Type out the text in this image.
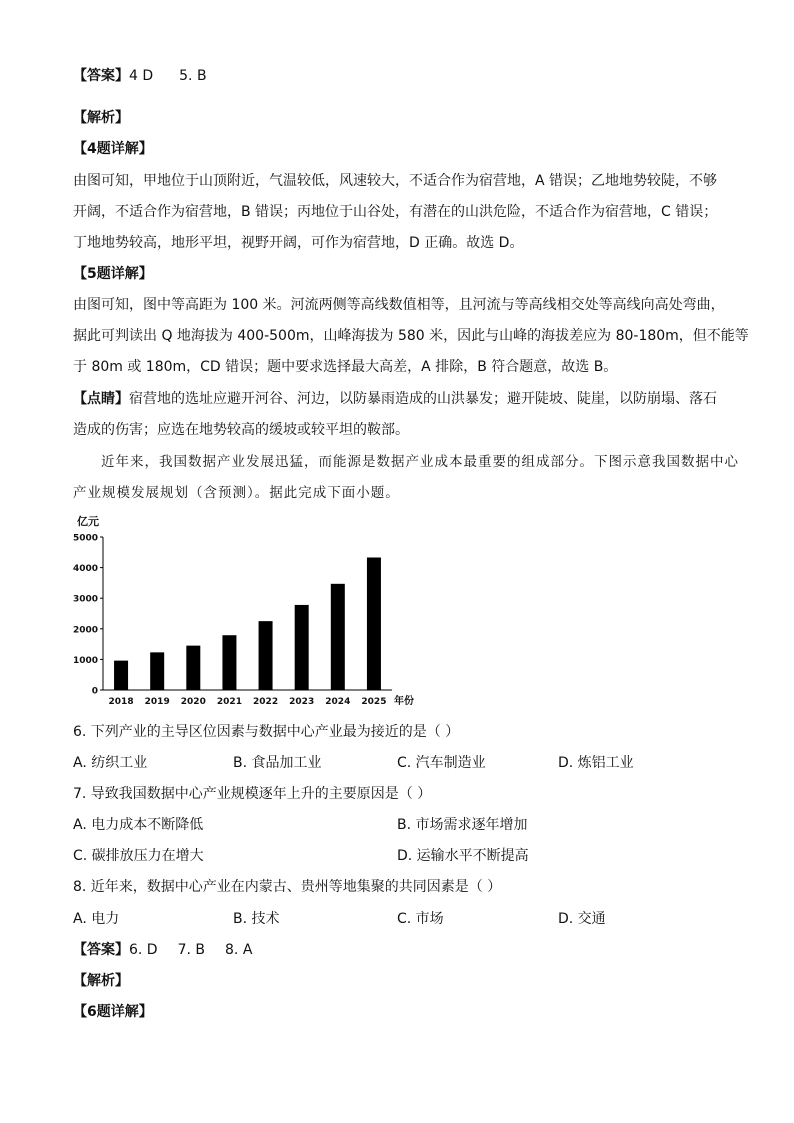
【答案】4 D 5. B
【解析】
【4题详解】
由图可知，甲地位于山顶附近，气温较低，风速较大，不适合作为宿营地，A 错误；乙地地势较陡，不够
开阔，不适合作为宿营地，B 错误；丙地位于山谷处，有潜在的山洪危险，不适合作为宿营地，C 错误；
丁地地势较高，地形平坦，视野开阔，可作为宿营地，D 正确。故选 D。
【5题详解】
由图可知，图中等高距为 100 米。河流两侧等高线数值相等，且河流与等高线相交处等高线向高处弯曲，
据此可判读出 Q 地海拔为 400-500m，山峰海拔为 580 米，因此与山峰的海拔差应为 80-180m，但不能等
于 80m 或 180m，CD 错误；题中要求选择最大高差，A 排除，B 符合题意，故选 B。
【点睛】宿营地的选址应避开河谷、河边，以防暴雨造成的山洪暴发；避开陡坡、陡崖，以防崩塌、落石
造成的伤害；应选在地势较高的缓坡或较平坦的鞍部。
近年来，我国数据产业发展迅猛，而能源是数据产业成本最重要的组成部分。下图示意我国数据中心
产业规模发展规划（含预测）。据此完成下面小题。
亿元
0
1000
2000
3000
4000
5000
2018 2019 2020 2021 2022 2023 2024 2025 年份
6. 下列产业的主导区位因素与数据中心产业最为接近的是（ ）
A. 纺织工业	B. 食品加工业	C. 汽车制造业	D. 炼铝工业
7. 导致我国数据中心产业规模逐年上升的主要原因是（ ）
A. 电力成本不断降低	B. 市场需求逐年增加
C. 碳排放压力在增大	D. 运输水平不断提高
8. 近年来，数据中心产业在内蒙古、贵州等地集聚的共同因素是（ ）
A. 电力	B. 技术	C. 市场	D. 交通
【答案】6. D 7. B 8. A
【解析】
【6题详解】
